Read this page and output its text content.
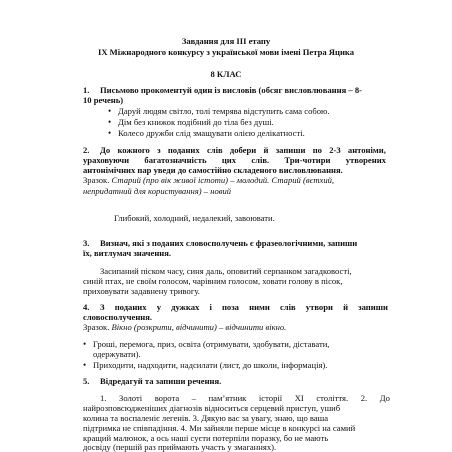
Завдання для III етапу
IX Міжнародного конкурсу з української мови імені Петра Яцика
8 КЛАС
1. Письмово прокоментуй один із висловів (обсяг висловлювання – 8-
10 речень)
• Даруй людям світло, толі темрява відступить сама собою.
• Дім без книжок подібний до тіла без душі.
• Колесо дружби слід змащувати олією делікатності.
2. До кожного з поданих слів добери й запиши по 2-3 антоніми,
ураховуючи багатозначність цих слів. Три-чотири утворених
антонімічних пар уведи до самостійно складеного висловлювання.
Зразок. Старий (про вік живої істоти) – молодий. Старий (вєтхий,
непридатний для користування) – новий
Глибокий, холодний, недалекий, завоювати.
3. Визнач, які з поданих словосполучень є фразеологічними, запиши
їх, витлумач значення.
Засипаний піском часу, синя даль, оповитий серпанком загадковості,
синій птах, не своїм голосом, чарівним голосом, ховати голову в пісок,
приховувати задавнену тривогу.
4. З поданих у дужках і поза ними слів утвори й запиши
словосполучення.
Зразок. Вікно (розкрити, відчинити) – відчинити вікно.
• Гроші, перемога, приз, освіта (отримувати, здобувати, діставати,
одержувати).
• Приходити, надходити, надсилати (лист, до школи, інформація).
5. Відредагуй та запиши речення.
1. Золоті ворота – пам’ятник історії XI століття. 2. До
найрозповсюдженіших діагнозів відноситься серцевий приступ, ушиб
колина та воспаленіє легенів. 3. Дякую вас за увагу, знаю, що ваша
підтримка не співпадіння. 4. Ми зайняли перше місце в конкурсі на самий
кращий малюнок, а ось наші суєти потерпіли поразку, бо не мають
досвіду (першій раз приймають участь у змаганнях).
